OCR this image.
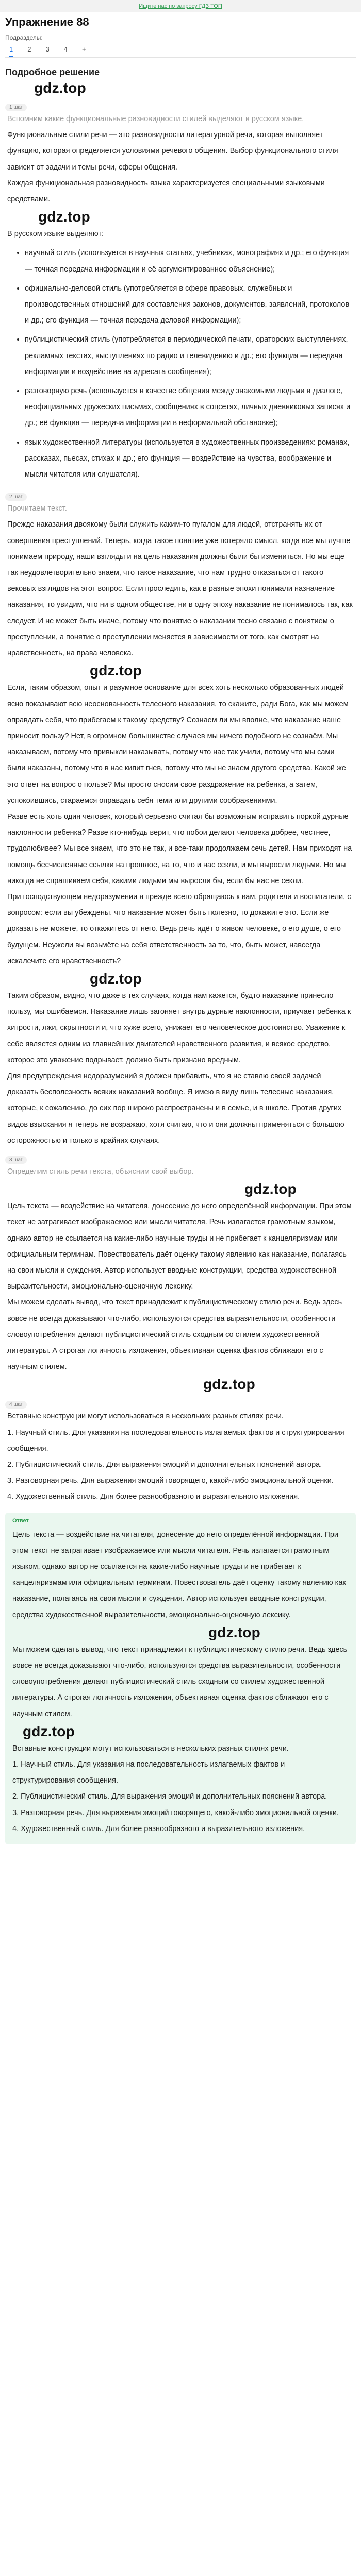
Ищите нас по запросу ГДЗ ТОП
Упражнение 88
Подразделы:
1 2 3 4 +
Подробное решение
gdz.top
1 шаг

Вспомним какие функциональные разновидности стилей выделяют в русском языке.

Функциональные стили речи — это разновидности литературной речи, которая выполняет функцию, которая определяется условиями речевого общения. Выбор функционального стиля зависит от задачи и темы речи, сферы общения.

Каждая функциональная разновидность языка характеризуется специальными языковыми средствами.

gdz.top

В русском языке выделяют:

• научный стиль (используется в научных статьях, учебниках, монографиях и др.; его функция — точная передача информации и её аргументированное объяснение);
• официально-деловой стиль (употребляется в сфере правовых, служебных и производственных отношений для составления законов, документов, заявлений, протоколов и др.; его функция — точная передача деловой информации);
• публицистический стиль (употребляется в периодической печати, ораторских выступлениях, рекламных текстах, выступлениях по радио и телевидению и др.; его функция — передача информации и воздействие на адресата сообщения);
• разговорную речь (используется в качестве общения между знакомыми людьми в диалоге, неофициальных дружеских письмах, сообщениях в соцсетях, личных дневниковых записях и др.; её функция — передача информации в неформальной обстановке);
• язык художественной литературы (используется в художественных произведениях: романах, рассказах, пьесах, стихах и др.; его функция — воздействие на чувства, воображение и мысли читателя или слушателя).
2 шаг

Прочитаем текст.

Прежде наказания двоякому были служить каким-то пугалом для людей, отстранять их от совершения преступлений. Теперь, когда такое понятие уже потеряло смысл, когда все мы лучше понимаем природу, наши взгляды и на цель наказания должны были бы измениться. Но мы еще так неудовлетворительно знаем, что такое наказание, что нам трудно отказаться от такого вековых взглядов на этот вопрос. Если проследить, как в разные эпохи понимали назначение наказания, то увидим, что ни в одном обществе, ни в одну эпоху наказание не понималось так, как следует. И не может быть иначе, потому что понятие о наказании тесно связано с понятием о преступлении, а понятие о преступлении меняется в зависимости от того, как смотрят на нравственность, на права человека.

gdz.top

Если, таким образом, опыт и разумное основание для всех хоть несколько образованных людей ясно показывают всю неоснованность телесного наказания, то скажите, ради Бога, как мы можем оправдать себя, что прибегаем к такому средству? Сознаем ли мы вполне, что наказание наше приносит пользу? Нет, в огромном большинстве случаев мы ничего подобного не сознаём. Мы наказываем, потому что привыкли наказывать, потому что нас так учили, потому что мы сами были наказаны, потому что в нас кипит гнев, потому что мы не знаем другого средства. Какой же это ответ на вопрос о пользе? Мы просто сносим свое раздражение на ребенка, а затем, успокоившись, стараемся оправдать себя теми или другими соображениями.

Разве есть хоть один человек, который серьезно считал бы возможным исправить поркой дурные наклонности ребенка? Разве кто-нибудь верит, что побои делают человека добрее, честнее, трудолюбивее? Мы все знаем, что это не так, и все-таки продолжаем сечь детей. Нам приходят на помощь бесчисленные ссылки на прошлое, на то, что и нас секли, и мы выросли людьми. Но мы никогда не спрашиваем себя, какими людьми мы выросли бы, если бы нас не секли.

При господствующем недоразумении я прежде всего обращаюсь к вам, родители и воспитатели, с вопросом: если вы убеждены, что наказание может быть полезно, то докажите это. Если же доказать не можете, то откажитесь от него. Ведь речь идёт о живом человеке, о его душе, о его будущем. Неужели вы возьмёте на себя ответственность за то, что, быть может, навсегда искалечите его нравственность?

gdz.top

Таким образом, видно, что даже в тех случаях, когда нам кажется, будто наказание принесло пользу, мы ошибаемся. Наказание лишь загоняет внутрь дурные наклонности, приучает ребенка к хитрости, лжи, скрытности и, что хуже всего, унижает его человеческое достоинство. Уважение к себе является одним из главнейших двигателей нравственного развития, и всякое средство, которое это уважение подрывает, должно быть признано вредным.

Для предупреждения недоразумений я должен прибавить, что я не ставлю своей задачей доказать бесполезность всяких наказаний вообще. Я имею в виду лишь телесные наказания, которые, к сожалению, до сих пор широко распространены и в семье, и в школе. Против других видов взыскания я теперь не возражаю, хотя считаю, что и они должны применяться с большою осторожностью и только в крайних случаях.

3 шаг

Определим стиль речи текста, объясним свой выбор.

gdz.top

Цель текста — воздействие на читателя, донесение до него определённой информации. При этом текст не затрагивает изображаемое или мысли читателя. Речь излагается грамотным языком, однако автор не ссылается на какие-либо научные труды и не прибегает к канцеляризмам или официальным терминам. Повествователь даёт оценку такому явлению как наказание, полагаясь на свои мысли и суждения. Автор использует вводные конструкции, средства художественной выразительности, эмоционально-оценочную лексику.

Мы можем сделать вывод, что текст принадлежит к публицистическому стилю речи. Ведь здесь вовсе не всегда доказывают что-либо, используются средства выразительности, особенности словоупотребления делают публицистический стиль сходным со стилем художественной литературы. А строгая логичность изложения, объективная оценка фактов сближают его с научным стилем.

gdz.top
4 шаг

Вставные конструкции могут использоваться в нескольких разных стилях речи.

1. Научный стиль. Для указания на последовательность излагаемых фактов и структурирования сообщения.

2. Публицистический стиль. Для выражения эмоций и дополнительных пояснений автора.

3. Разговорная речь. Для выражения эмоций говорящего, какой-либо эмоциональной оценки.

4. Художественный стиль. Для более разнообразного и выразительного изложения.

Ответ

Цель текста — воздействие на читателя, донесение до него определённой информации. При этом текст не затрагивает изображаемое или мысли читателя. Речь излагается грамотным языком, однако автор не ссылается на какие-либо научные труды и не прибегает к канцеляризмам или официальным терминам. Повествователь даёт оценку такому явлению как наказание, полагаясь на свои мысли и суждения. Автор использует вводные конструкции, средства художественной выразительности, эмоционально-оценочную лексику.

gdz.top

Мы можем сделать вывод, что текст принадлежит к публицистическому стилю речи. Ведь здесь вовсе не всегда доказывают что-либо, используются средства выразительности, особенности словоупотребления делают публицистический стиль сходным со стилем художественной литературы. А строгая логичность изложения, объективная оценка фактов сближают его с научным стилем.

gdz.top

Вставные конструкции могут использоваться в нескольких разных стилях речи.

1. Научный стиль. Для указания на последовательность излагаемых фактов и структурирования сообщения.

2. Публицистический стиль. Для выражения эмоций и дополнительных пояснений автора.

3. Разговорная речь. Для выражения эмоций говорящего, какой-либо эмоциональной оценки.

4. Художественный стиль. Для более разнообразного и выразительного изложения.
